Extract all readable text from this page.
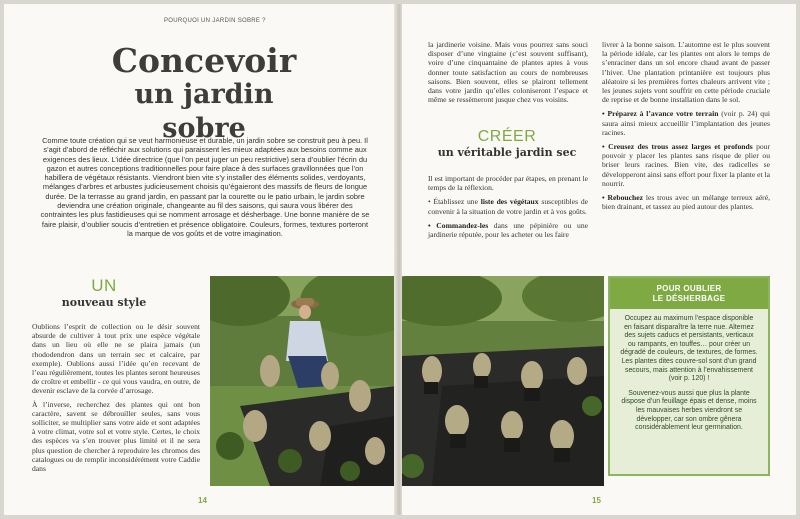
POURQUOI UN JARDIN SOBRE ?
Concevoir
un jardin sobre

Comme toute création qui se veut harmonieuse et durable, un jardin sobre se construit peu à peu. Il s’agit d’abord de réfléchir aux solutions qui paraissent les mieux adaptées aux besoins comme aux exigences des lieux. L’idée directrice (que l’on peut juger un peu restrictive) sera d’oublier l’écrin du gazon et autres conceptions traditionnelles pour faire place à des surfaces gravillonnées que l’on habillera de végétaux résistants. Viendront bien vite s’y installer des éléments solides, verdoyants, mélanges d’arbres et arbustes judicieusement choisis qu’égaieront des massifs de fleurs de longue durée. De la terrasse au grand jardin, en passant par la courette ou le patio urbain, le jardin sobre deviendra une création originale, changeante au fil des saisons, qui saura vous libérer des contraintes les plus fastidieuses qui se nomment arrosage et désherbage. Une bonne manière de se faire plaisir, d’oublier soucis d’entretien et présence obligatoire. Couleurs, formes, textures porteront la marque de vos goûts et de votre imagination.

UN
nouveau style

Oublions l’esprit de collection ou le désir souvent absurde de cultiver à tout prix une espèce végétale dans un lieu où elle ne se plaira jamais (un rhododendron dans un terrain sec et calcaire, par exemple). Oublions aussi l’idée qu’en recevant de l’eau régulièrement, toutes les plantes seront heureuses de croître et embellir - ce qui vous vaudra, en outre, de devenir esclave de la corvée d’arrosage.

À l’inverse, recherchez des plantes qui ont bon caractère, savent se débrouiller seules, sans vous solliciter, se multiplier sans votre aide et sont adaptées à votre climat, votre sol et votre style. Certes, le choix des espèces va s’en trouver plus limité et il ne sera plus question de chercher à reproduire les chromos des catalogues ou de remplir inconsidérément votre Caddie dans

14

la jardinerie voisine. Mais vous pourrez sans souci disposer d’une vingtaine (c’est souvent suffisant), voire d’une cinquantaine de plantes aptes à vous donner toute satisfaction au cours de nombreuses saisons. Bien souvent, elles se plairont tellement dans votre jardin qu’elles coloniseront l’espace et même se ressèmeront jusque chez vos voisins.

CRÉER
un véritable jardin sec

Il est important de procéder par étapes, en prenant le temps de la réflexion.

• Établissez une liste des végétaux susceptibles de convenir à la situation de votre jardin et à vos goûts.

• Commandez-les dans une pépinière ou une jardinerie réputée, pour les acheter ou les faire

livrer à la bonne saison. L’automne est le plus souvent la période idéale, car les plantes ont alors le temps de s’enraciner dans un sol encore chaud avant de passer l’hiver. Une plantation printanière est toujours plus aléatoire si les premières fortes chaleurs arrivent vite ; les jeunes sujets vont souffrir en cette période cruciale de reprise et de bonne installation dans le sol.

• Préparez à l’avance votre terrain (voir p. 24) qui saura ainsi mieux accueillir l’implantation des jeunes racines.

• Creusez des trous assez larges et profonds pour pouvoir y placer les plantes sans risque de plier ou briser leurs racines. Bien vite, des radicelles se développeront ainsi sans effort pour fixer la plante et la nourrir.

• Rebouchez les trous avec un mélange terreux aéré, bien drainant, et tassez au pied autour des plantes.

POUR OUBLIER
LE DÉSHERBAGE

Occupez au maximum l’espace disponible en faisant disparaître la terre nue. Alternez des sujets caducs et persistants, verticaux ou rampants, en touffes… pour créer un dégradé de couleurs, de textures, de formes. Les plantes dites couvre-sol sont d’un grand secours, mais attention à l’envahissement (voir p. 120) !

Souvenez-vous aussi que plus la plante dispose d’un feuillage épais et dense, moins les mauvaises herbes viendront se développer, car son ombre gênera considérablement leur germination.

15
